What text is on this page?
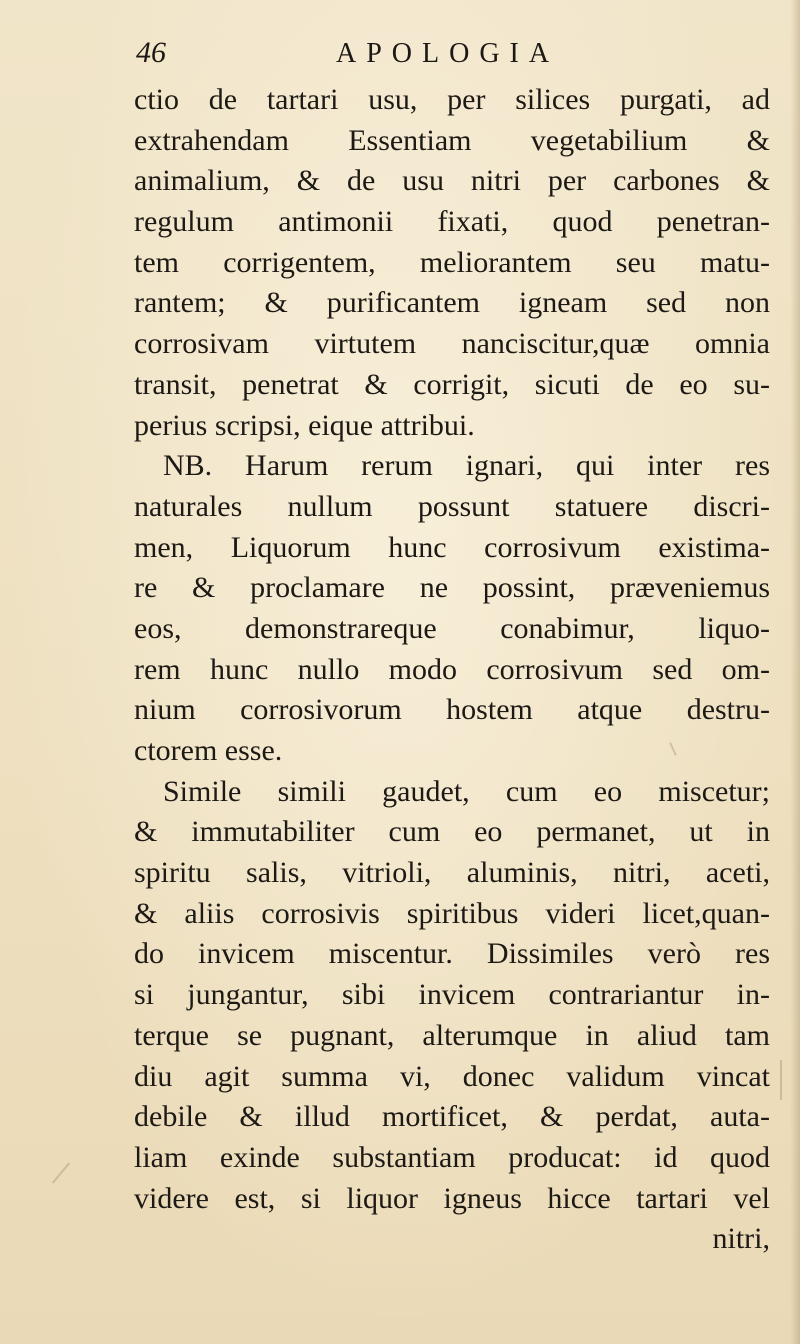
46	APOLOGIA
ctio de tartari usu, per silices purgati, ad
extrahendam Essentiam vegetabilium &
animalium, & de usu nitri per carbones &
regulum antimonii fixati, quod penetran-
tem corrigentem, meliorantem seu matu-
rantem; & purificantem igneam sed non
corrosivam virtutem nanciscitur,quæ omnia
transit, penetrat & corrigit, sicuti de eo su-
perius scripsi, eique attribui.
NB. Harum rerum ignari, qui inter res
naturales nullum possunt statuere discri-
men, Liquorum hunc corrosivum existima-
re & proclamare ne possint, præveniemus
eos, demonstrareque conabimur, liquo-
rem hunc nullo modo corrosivum sed om-
nium corrosivorum hostem atque destru-
ctorem esse.
Simile simili gaudet, cum eo miscetur;
& immutabiliter cum eo permanet, ut in
spiritu salis, vitrioli, aluminis, nitri, aceti,
& aliis corrosivis spiritibus videri licet,quan-
do invicem miscentur. Dissimiles verò res
si jungantur, sibi invicem contrariantur in-
terque se pugnant, alterumque in aliud tam
diu agit summa vi, donec validum vincat
debile & illud mortificet, & perdat, auta-
liam exinde substantiam producat: id quod
videre est, si liquor igneus hicce tartari vel
nitri,
